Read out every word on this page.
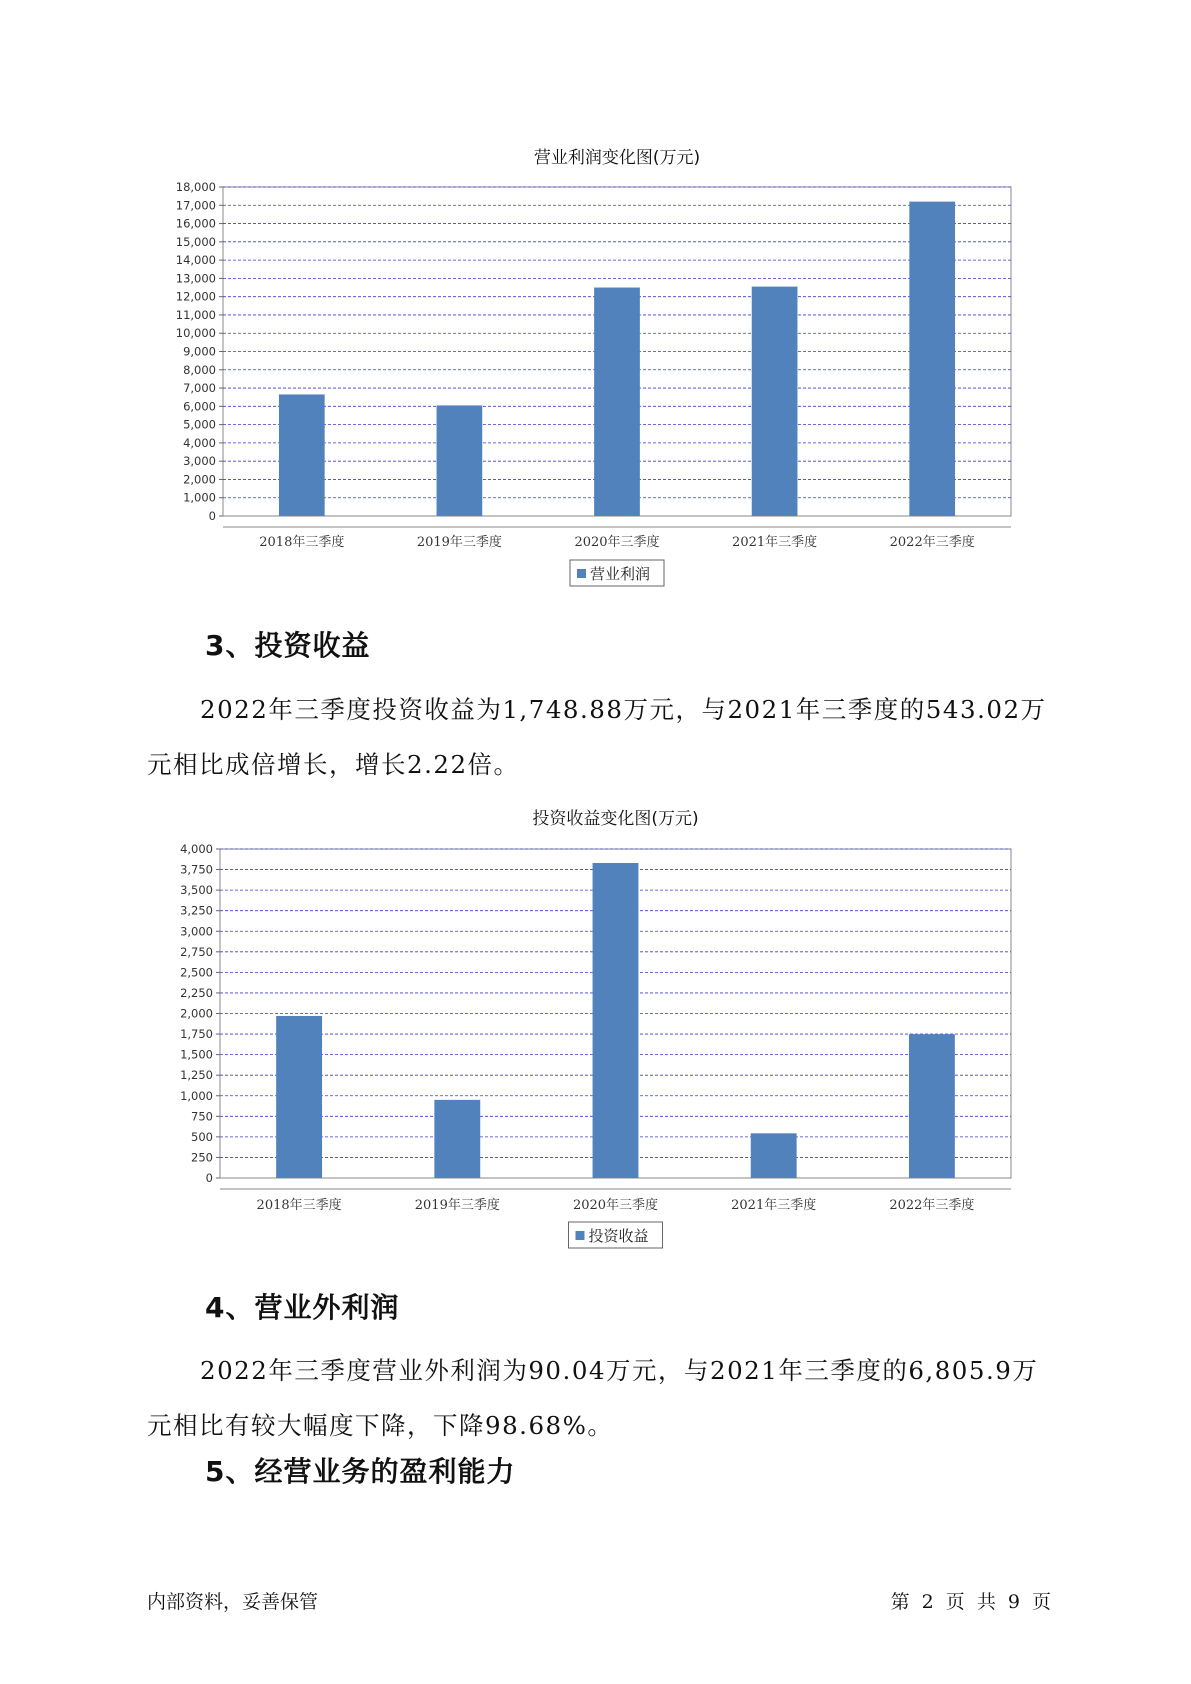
营业利润变化图(万元)
0
1,000
2,000
3,000
4,000
5,000
6,000
7,000
8,000
9,000
10,000
11,000
12,000
13,000
14,000
15,000
16,000
17,000
18,000
2018年三季度	2019年三季度	2020年三季度	2021年三季度	2022年三季度
营业利润
3、投资收益

2022年三季度投资收益为1,748.88万元，与2021年三季度的543.02万元相比成倍增长，增长2.22倍。

投资收益变化图(万元)
0
250
500
750
1,000
1,250
1,500
1,750
2,000
2,250
2,500
2,750
3,000
3,250
3,500
3,750
4,000
2018年三季度	2019年三季度	2020年三季度	2021年三季度	2022年三季度
投资收益
4、营业外利润

2022年三季度营业外利润为90.04万元，与2021年三季度的6,805.9万元相比有较大幅度下降，下降98.68%。

5、经营业务的盈利能力
内部资料，妥善保管	第 2 页 共 9 页
